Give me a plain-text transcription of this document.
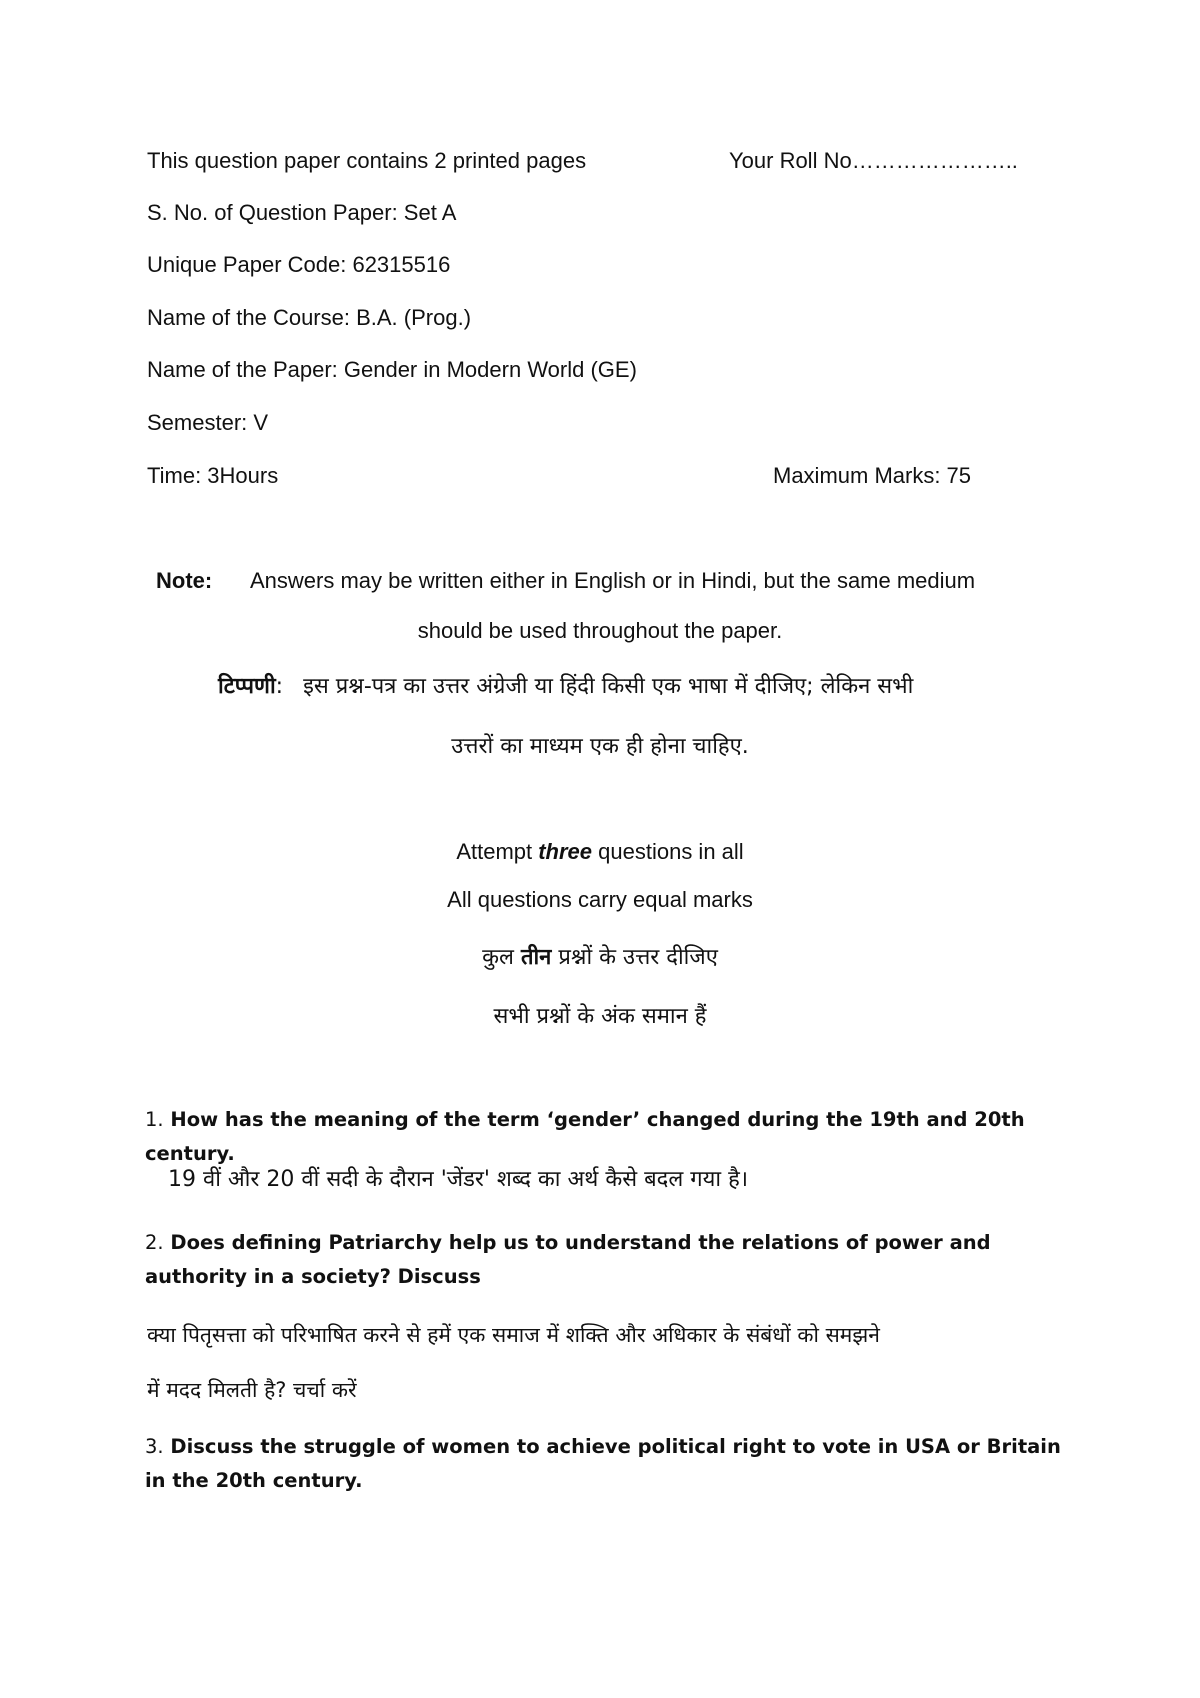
This question paper contains 2 printed pages	Your Roll No…………………..
S. No. of Question Paper: Set A
Unique Paper Code: 62315516
Name of the Course: B.A. (Prog.)
Name of the Paper: Gender in Modern World (GE)
Semester: V
Time: 3Hours	Maximum Marks: 75
Note: Answers may be written either in English or in Hindi, but the same medium
should be used throughout the paper.
टिप्पणी: इस प्रश्न-पत्र का उत्तर अंग्रेजी या हिंदी किसी एक भाषा में दीजिए; लेकिन सभी
उत्तरों का माध्यम एक ही होना चाहिए.
Attempt three questions in all
All questions carry equal marks
कुल तीन प्रश्नों के उत्तर दीजिए
सभी प्रश्नों के अंक समान हैं
1. How has the meaning of the term ‘gender’ changed during the 19th and 20th century.
19 वीं और 20 वीं सदी के दौरान 'जेंडर' शब्द का अर्थ कैसे बदल गया है।
2. Does defining Patriarchy help us to understand the relations of power and authority in a society? Discuss
क्या पितृसत्ता को परिभाषित करने से हमें एक समाज में शक्ति और अधिकार के संबंधों को समझने
में मदद मिलती है? चर्चा करें
3. Discuss the struggle of women to achieve political right to vote in USA or Britain in the 20th century.
